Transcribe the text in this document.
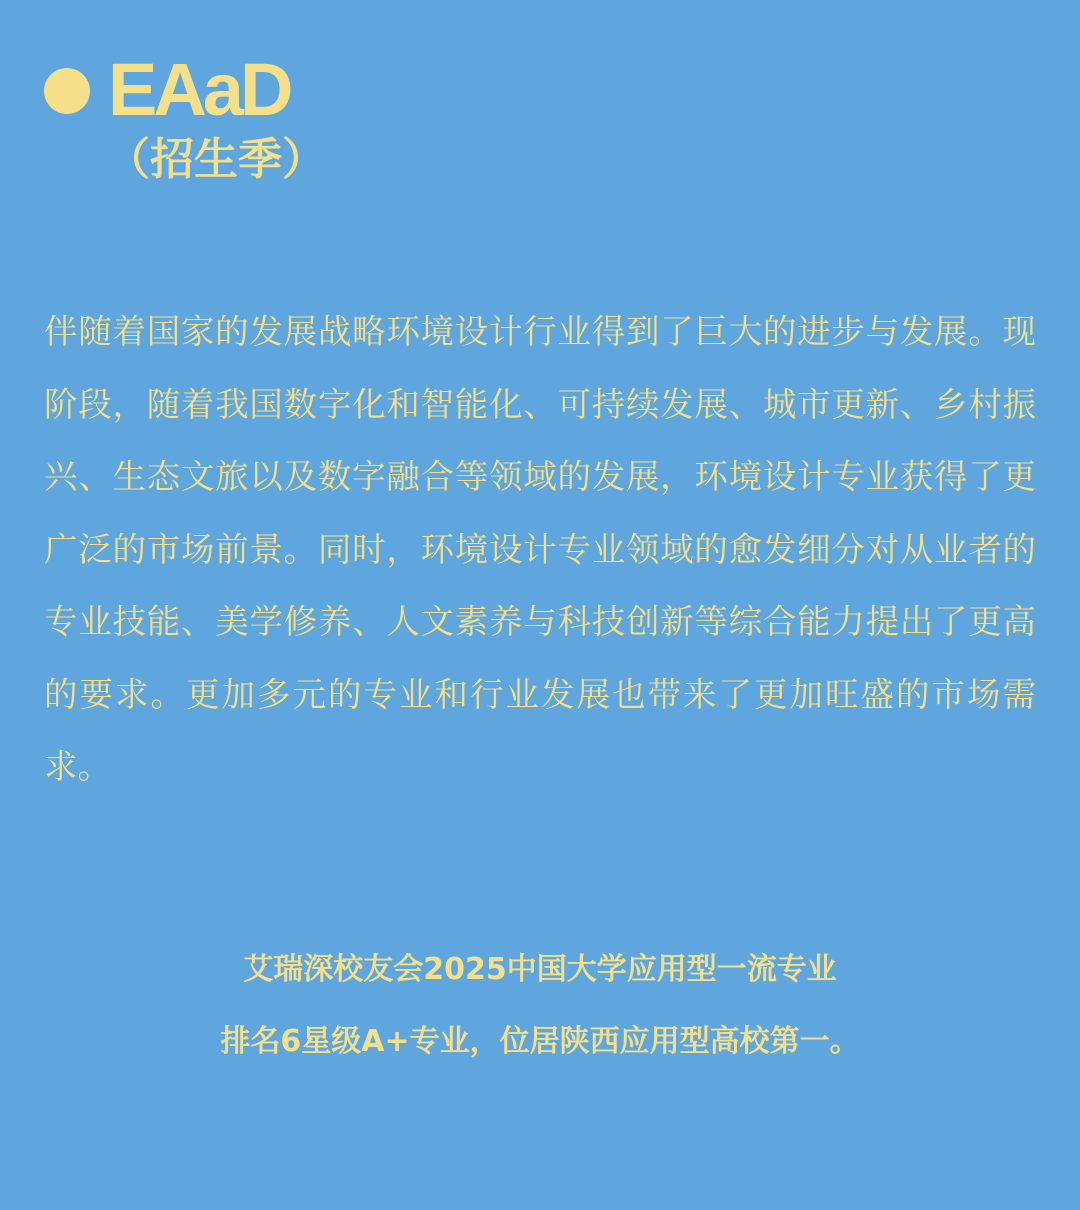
EAaD
（招生季）

伴随着国家的发展战略环境设计行业得到了巨大的进步与发展。现阶段，随着我国数字化和智能化、可持续发展、城市更新、乡村振兴、生态文旅以及数字融合等领域的发展，环境设计专业获得了更广泛的市场前景。同时，环境设计专业领域的愈发细分对从业者的专业技能、美学修养、人文素养与科技创新等综合能力提出了更高的要求。更加多元的专业和行业发展也带来了更加旺盛的市场需求。

艾瑞深校友会2025中国大学应用型一流专业
排名6星级A+专业，位居陕西应用型高校第一。
